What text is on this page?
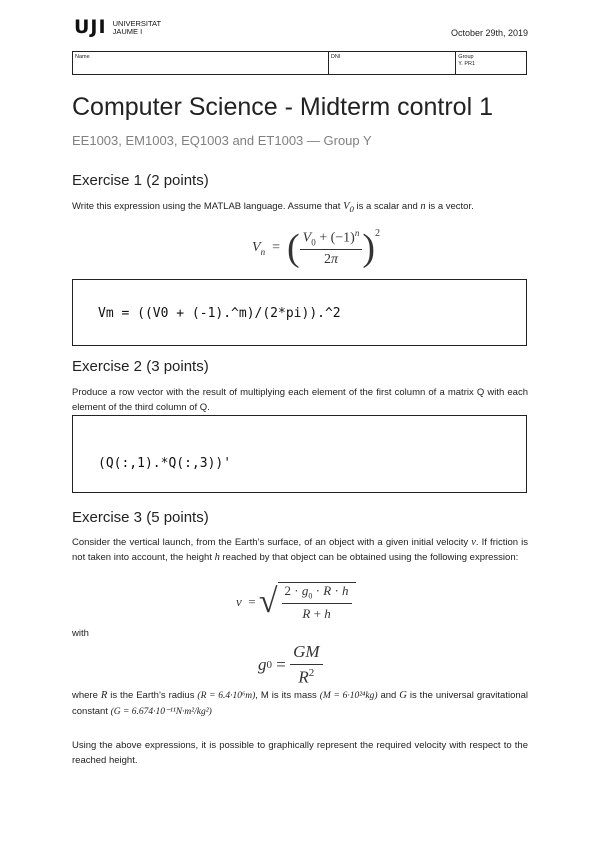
UJI UNIVERSITAT
JAUME I	October 29th, 2019
Name	DNI	Group
Y. PR1
Computer Science - Midterm control 1
EE1003, EM1003, EQ1003 and ET1003 — Group Y
Exercise 1 (2 points)
Write this expression using the MATLAB language. Assume that $V_0$ is a scalar and n is a vector.
$V_n$  =  ( $\frac{V_0 + (-1)^n}{2\pi} )^2$
Vm = ((V0 + (-1).^m)/(2*pi)).^2
Exercise 2 (3 points)
Produce a row vector with the result of multiplying each element of the first column of a matrix Q with each element of the third column of Q.
(Q(:,1).*Q(:,3))'
Exercise 3 (5 points)
Consider the vertical launch, from the Earth’s surface, of an object with a given initial velocity v. If friction is not taken into account, the height h reached by that object can be obtained using the following expression:
v = √ $\frac{2 \cdot g_0 \cdot R \cdot h}{R + h}$
with
g $0 = \frac{GM}{R^2}$
where R is the Earth’s radius (R = 6.4·10⁶m), M is its mass (M = 6·10²⁴kg) and G is the universal gravitational constant (G = 6.674·10⁻¹¹N·m²/kg²)
Using the above expressions, it is possible to graphically represent the required velocity with respect to the reached height.
